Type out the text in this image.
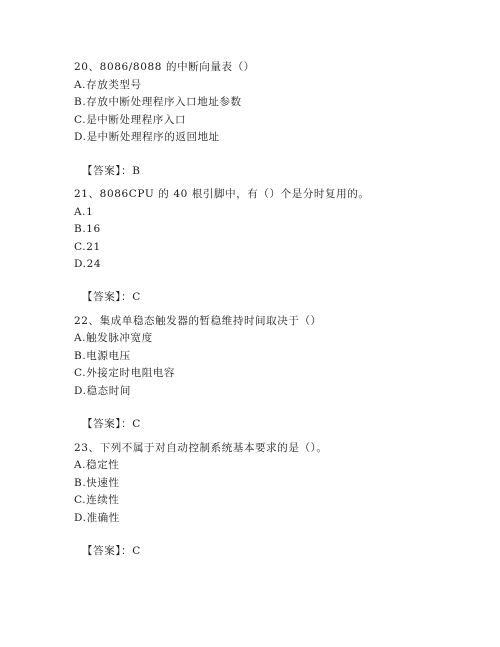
20、8086/8088 的中断向量表（）
A.存放类型号
B.存放中断处理程序入口地址参数
C.是中断处理程序入口
D.是中断处理程序的返回地址
【答案】：B
21、8086CPU 的 40 根引脚中，有（）个是分时复用的。
A.1
B.16
C.21
D.24
【答案】：C
22、集成单稳态触发器的暂稳维持时间取决于（）
A.触发脉冲宽度
B.电源电压
C.外接定时电阻电容
D.稳态时间
【答案】：C
23、下列不属于对自动控制系统基本要求的是（）。
A.稳定性
B.快速性
C.连续性
D.准确性
【答案】：C
